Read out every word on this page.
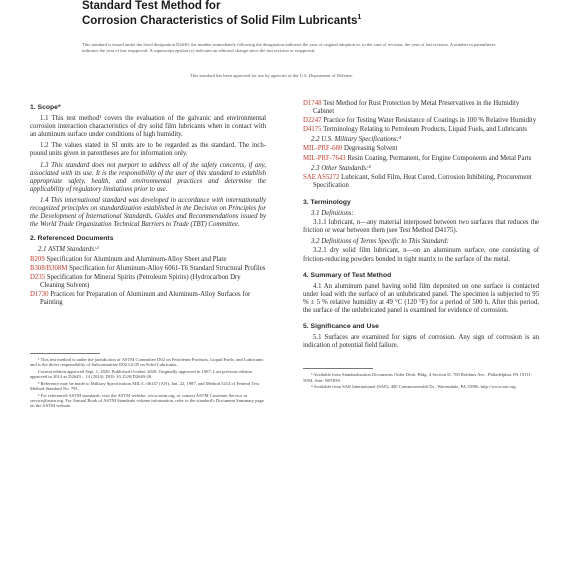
Standard Test Method for
Corrosion Characteristics of Solid Film Lubricants$^1$
This standard is issued under the fixed designation D2649; the number immediately following the designation indicates the year of original adoption or, in the case of revision, the year of last revision. A number in parentheses indicates the year of last reapproval. A superscript epsilon (ε) indicates an editorial change since the last revision or reapproval.
This standard has been approved for use by agencies of the U.S. Department of Defense.
1. Scope*
1.1 This test method¹ covers the evaluation of the galvanic and environmental corrosion interaction characteristics of dry solid film lubricants when in contact with an aluminum surface under conditions of high humidity.
1.2 The values stated in SI units are to be regarded as the standard. The inch-pound units given in parentheses are for information only.
1.3 This standard does not purport to address all of the safety concerns, if any, associated with its use. It is the responsibility of the user of this standard to establish appropriate safety, health, and environmental practices and determine the applicability of regulatory limitations prior to use.
1.4 This international standard was developed in accordance with internationally recognized principles on standardization established in the Decision on Principles for the Development of International Standards, Guides and Recommendations issued by the World Trade Organization Technical Barriers to Trade (TBT) Committee.
2. Referenced Documents
2.1 ASTM Standards:²
B209 Specification for Aluminum and Aluminum-Alloy Sheet and Plate
B308/B308M Specification for Aluminum-Alloy 6061-T6 Standard Structural Profiles
D235 Specification for Mineral Spirits (Petroleum Spirits) (Hydrocarbon Dry Cleaning Solvent)
D1730 Practices for Preparation of Aluminum and Aluminum-Alloy Surfaces for Painting
¹ This test method is under the jurisdiction of ASTM Committee D02 on Petroleum Products, Liquid Fuels, and Lubricants and is the direct responsibility of Subcommittee D02.L0.05 on Solid Lubricants.
Current edition approved Sept. 1, 2020. Published October 2020. Originally approved in 1967. Last previous edition approved in 2014 as D2649 – 14 (2014). DOI: 10.1520/D2649-20.
² Reference may be made to Military Specification MIL-L-46147 (AN), Jan. 22, 1987, and Method 5414 of Federal Test Method Standard No. 791.
³ For referenced ASTM standards, visit the ASTM website, www.astm.org, or contact ASTM Customer Service at service@astm.org. For Annual Book of ASTM Standards volume information, refer to the standard's Document Summary page on the ASTM website.
D1748 Test Method for Rust Protection by Metal Preservatives in the Humidity Cabinet
D2247 Practice for Testing Water Resistance of Coatings in 100 % Relative Humidity
D4175 Terminology Relating to Petroleum Products, Liquid Fuels, and Lubricants
2.2 U.S. Military Specifications:³
MIL-PRF-680 Degreasing Solvent
MIL-PRF-7643 Resin Coating, Permanent, for Engine Components and Metal Parts
2.3 Other Standards:⁴
SAE AS5272 Lubricant, Solid Film, Heat Cured, Corrosion Inhibiting, Procurement Specification
3. Terminology
3.1 Definitions:
3.1.1 lubricant, n—any material interposed between two surfaces that reduces the friction or wear between them (see Test Method D4175).
3.2 Definitions of Terms Specific to This Standard:
3.2.1 dry solid film lubricant, n—on an aluminum surface, one consisting of friction-reducing powders bonded in tight matrix to the surface of the metal.
4. Summary of Test Method
4.1 An aluminum panel having solid film deposited on one surface is contacted under load with the surface of an unlubricated panel. The specimen is subjected to 95 % ± 5 % relative humidity at 49 °C (120 °F) for a period of 500 h. After this period, the surface of the unlubricated panel is examined for evidence of corrosion.
5. Significance and Use
5.1 Surfaces are examined for signs of corrosion. Any sign of corrosion is an indication of potential field failure.
³ Available from Standardization Documents Order Desk, Bldg. 4 Section D, 700 Robbins Ave., Philadelphia, PA 19111-5094, Attn: NPODS.
⁴ Available from SAE International (SAE), 400 Commonwealth Dr., Warrendale, PA 15096, http://www.sae.org.
